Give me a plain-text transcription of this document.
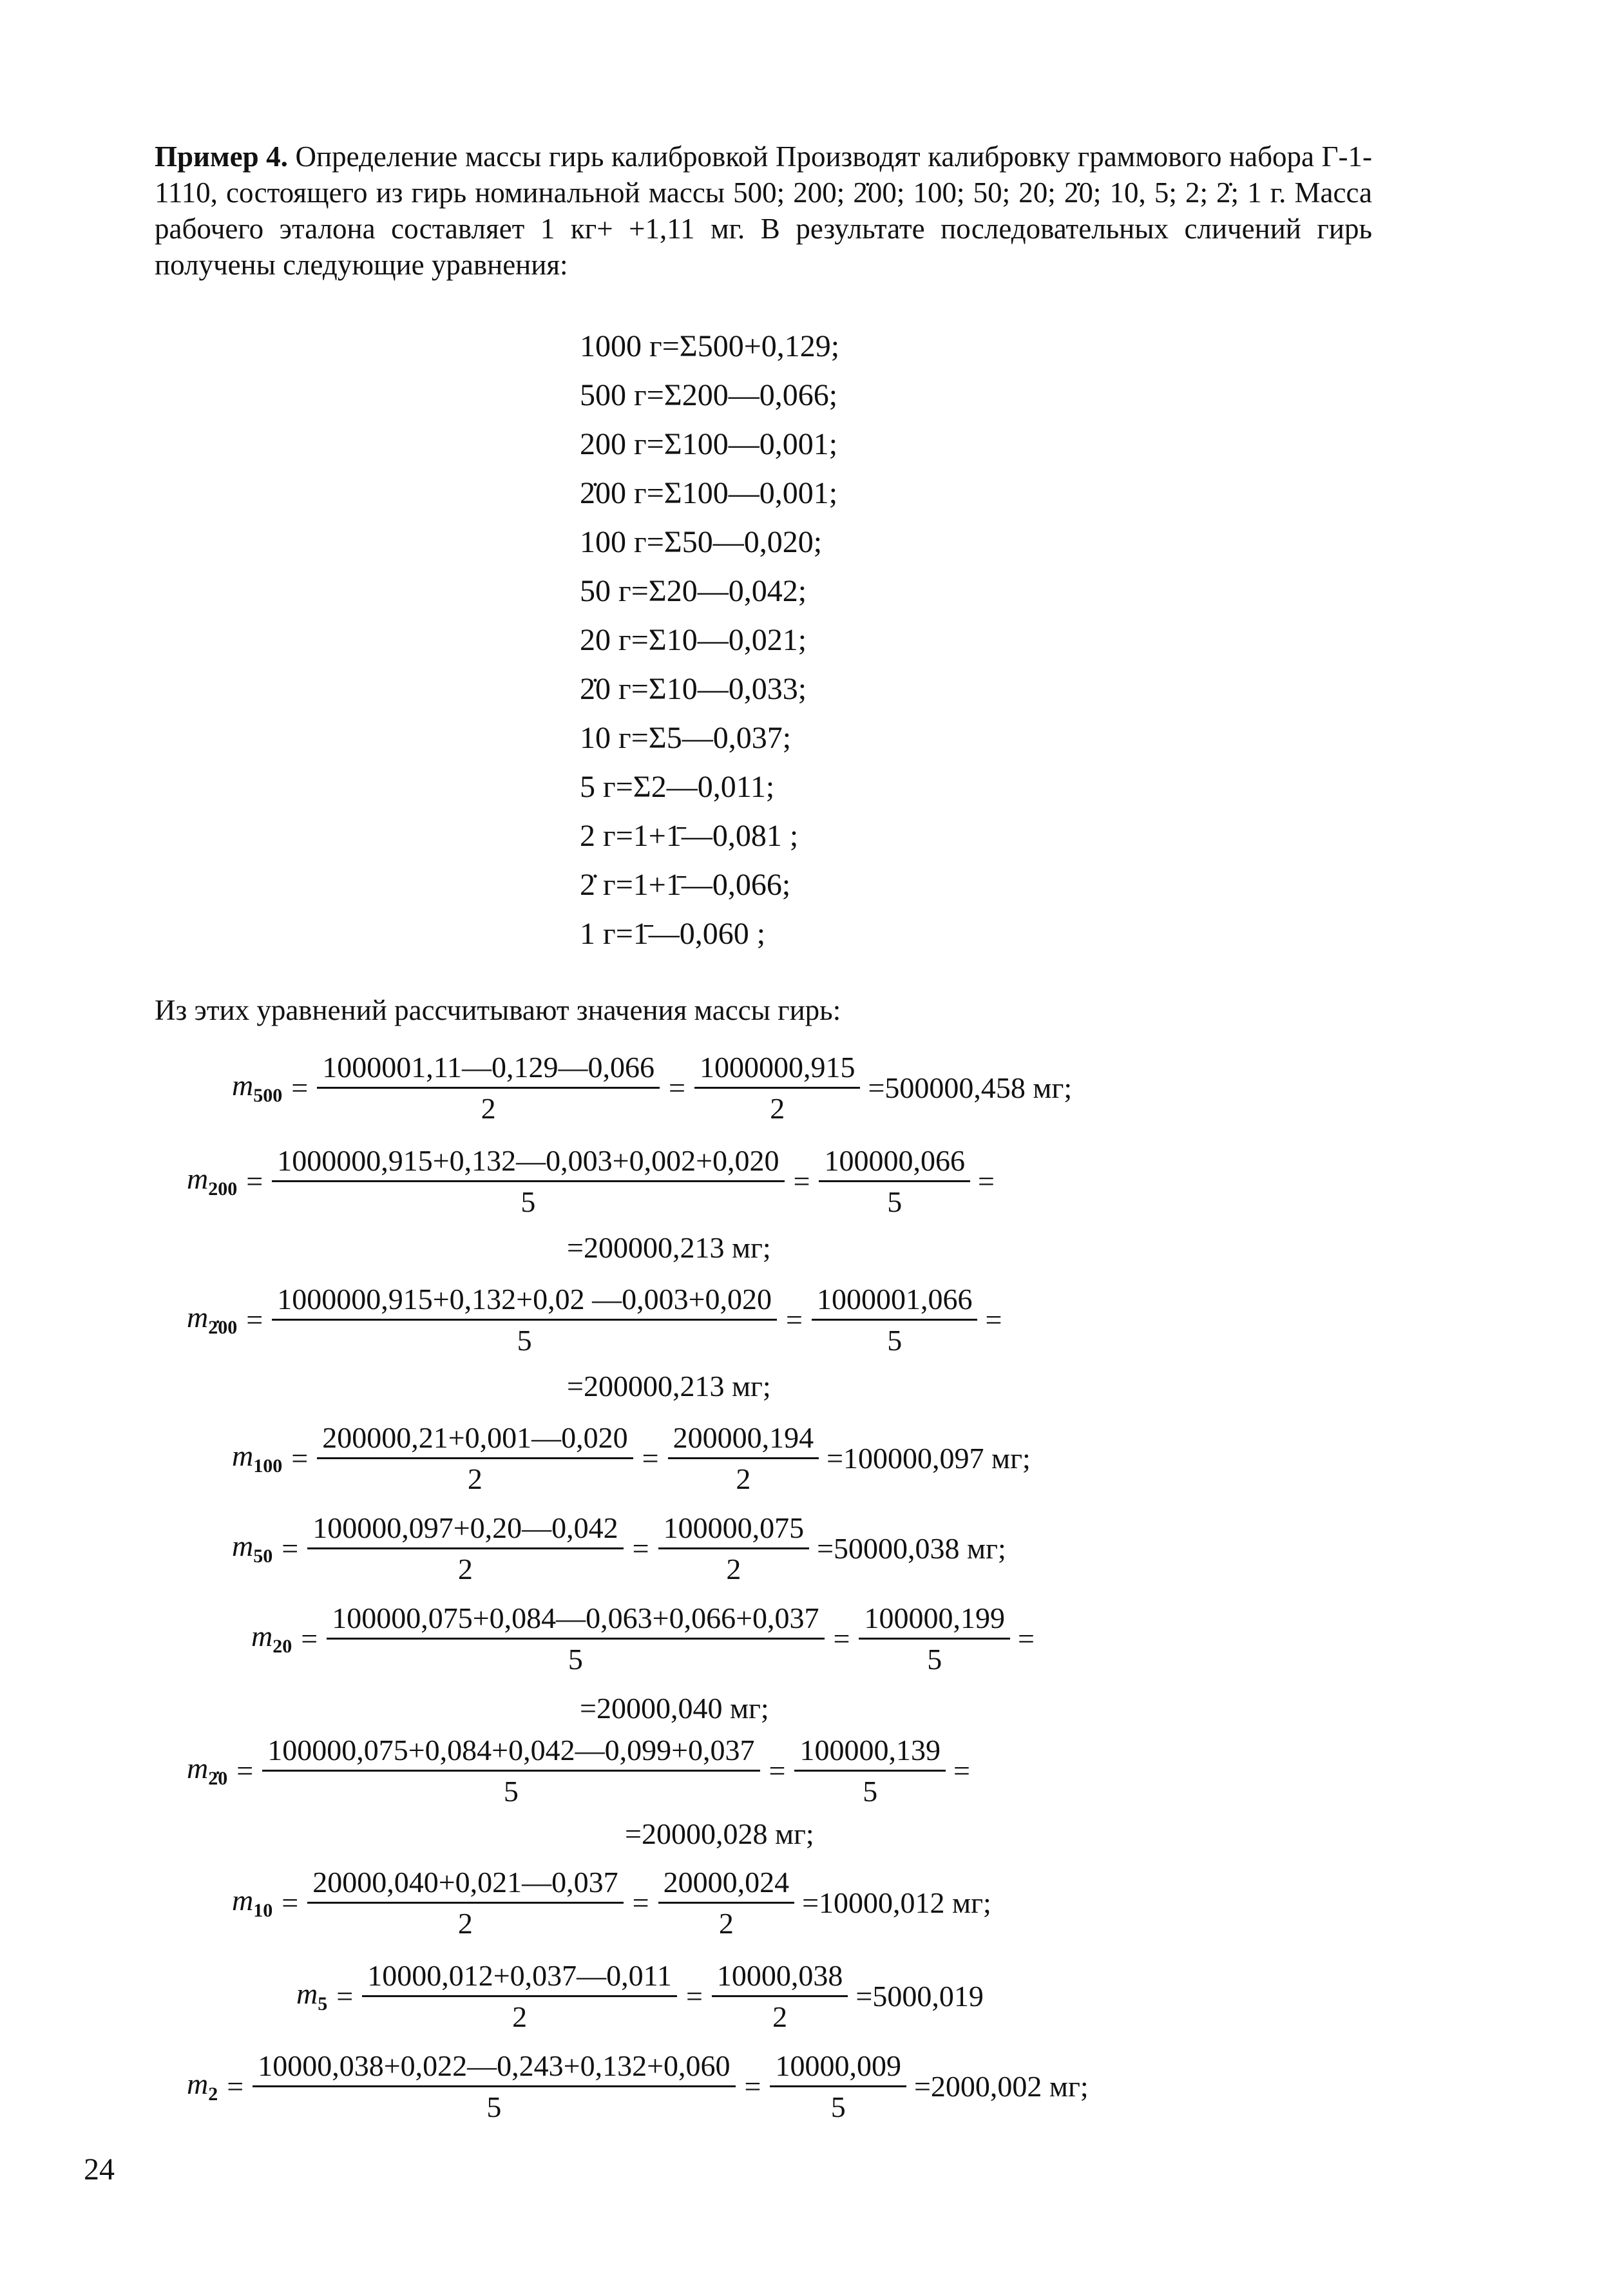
Пример 4. Определение массы гирь калибровкой Производят калибровку граммового набора Г-1-1110, состоящего из гирь номинальной массы 500; 200; 2̇00; 100; 50; 20; 2̇0; 10, 5; 2; 2̇; 1 г. Масса рабочего эталона составляет 1 кг+ +1,11 мг. В результате последовательных сличений гирь получены следующие уравнения:
1000 г=Σ500+0,129;
500 г=Σ200—0,066;
200 г=Σ100—0,001;
2̇00 г=Σ100—0,001;
100 г=Σ50—0,020;
50 г=Σ20—0,042;
20 г=Σ10—0,021;
2̇0 г=Σ10—0,033;
10 г=Σ5—0,037;
5 г=Σ2—0,011;
2 г=1+1̄—0,081 ;
2̇ г=1+1̄—0,066;
1 г=1̄—0,060 ;
Из этих уравнений рассчитывают значения массы гирь:
$m_{500} = \frac{1000001,11—0,129—0,066}{2} = \frac{1000000,915}{2} =500000,458$ мг;
$m_{200} = \frac{1000000,915+0,132—0,003+0,002+0,020}{5} = \frac{100000,066}{5}$ =
=200000,213 мг;
$m_{2̇00} = \frac{1000000,915+0,132+0,02 —0,003+0,020}{5} = \frac{1000001,066}{5}$ =
=200000,213 мг;
$m_{100} = \frac{200000,21+0,001—0,020}{2} = \frac{200000,194}{2} =100000,097$ мг;
$m_{50} = \frac{100000,097+0,20—0,042}{2} = \frac{100000,075}{2} =50000,038$ мг;
$m_{20} = \frac{100000,075+0,084—0,063+0,066+0,037}{5} = \frac{100000,199}{5}$ =
=20000,040 мг;
$m_{2̇0} = \frac{100000,075+0,084+0,042—0,099+0,037}{5} = \frac{100000,139}{5}$ =
=20000,028 мг;
$m_{10} = \frac{20000,040+0,021—0,037}{2} = \frac{20000,024}{2} =10000,012$ мг;
$m_5 = \frac{10000,012+0,037—0,011}{2} = \frac{10000,038}{2} =5000,019$
$m_2 = \frac{10000,038+0,022—0,243+0,132+0,060}{5} = \frac{10000,009}{5} =2000,002$ мг;
24
